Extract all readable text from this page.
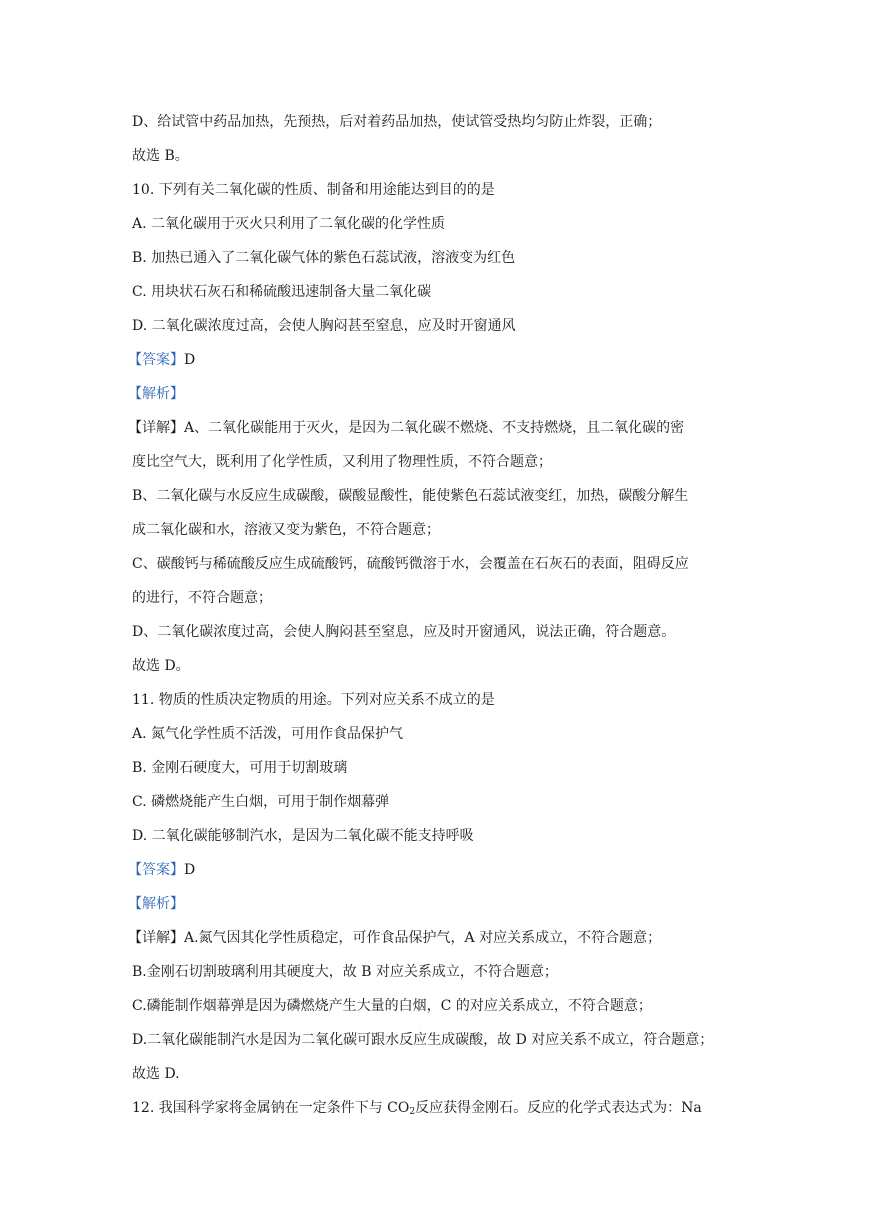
D、给试管中药品加热，先预热，后对着药品加热，使试管受热均匀防止炸裂，正确；
故选 B。
10. 下列有关二氧化碳的性质、制备和用途能达到目的的是
A. 二氧化碳用于灭火只利用了二氧化碳的化学性质
B. 加热已通入了二氧化碳气体的紫色石蕊试液，溶液变为红色
C. 用块状石灰石和稀硫酸迅速制备大量二氧化碳
D. 二氧化碳浓度过高，会使人胸闷甚至窒息，应及时开窗通风
【答案】D
【解析】
【详解】A、二氧化碳能用于灭火，是因为二氧化碳不燃烧、不支持燃烧，且二氧化碳的密
度比空气大，既利用了化学性质，又利用了物理性质，不符合题意；
B、二氧化碳与水反应生成碳酸，碳酸显酸性，能使紫色石蕊试液变红，加热，碳酸分解生
成二氧化碳和水，溶液又变为紫色，不符合题意；
C、碳酸钙与稀硫酸反应生成硫酸钙，硫酸钙微溶于水，会覆盖在石灰石的表面，阻碍反应
的进行，不符合题意；
D、二氧化碳浓度过高，会使人胸闷甚至窒息，应及时开窗通风，说法正确，符合题意。
故选 D。
11. 物质的性质决定物质的用途。下列对应关系不成立的是
A. 氮气化学性质不活泼，可用作食品保护气
B. 金刚石硬度大，可用于切割玻璃
C. 磷燃烧能产生白烟，可用于制作烟幕弹
D. 二氧化碳能够制汽水，是因为二氧化碳不能支持呼吸
【答案】D
【解析】
【详解】A.氮气因其化学性质稳定，可作食品保护气，A 对应关系成立，不符合题意；
B.金刚石切割玻璃利用其硬度大，故 B 对应关系成立，不符合题意；
C.磷能制作烟幕弹是因为磷燃烧产生大量的白烟，C 的对应关系成立，不符合题意；
D.二氧化碳能制汽水是因为二氧化碳可跟水反应生成碳酸，故 D 对应关系不成立，符合题意；
故选 D.
12. 我国科学家将金属钠在一定条件下与 $CO_2$反应获得金刚石。反应的化学式表达式为：Na
